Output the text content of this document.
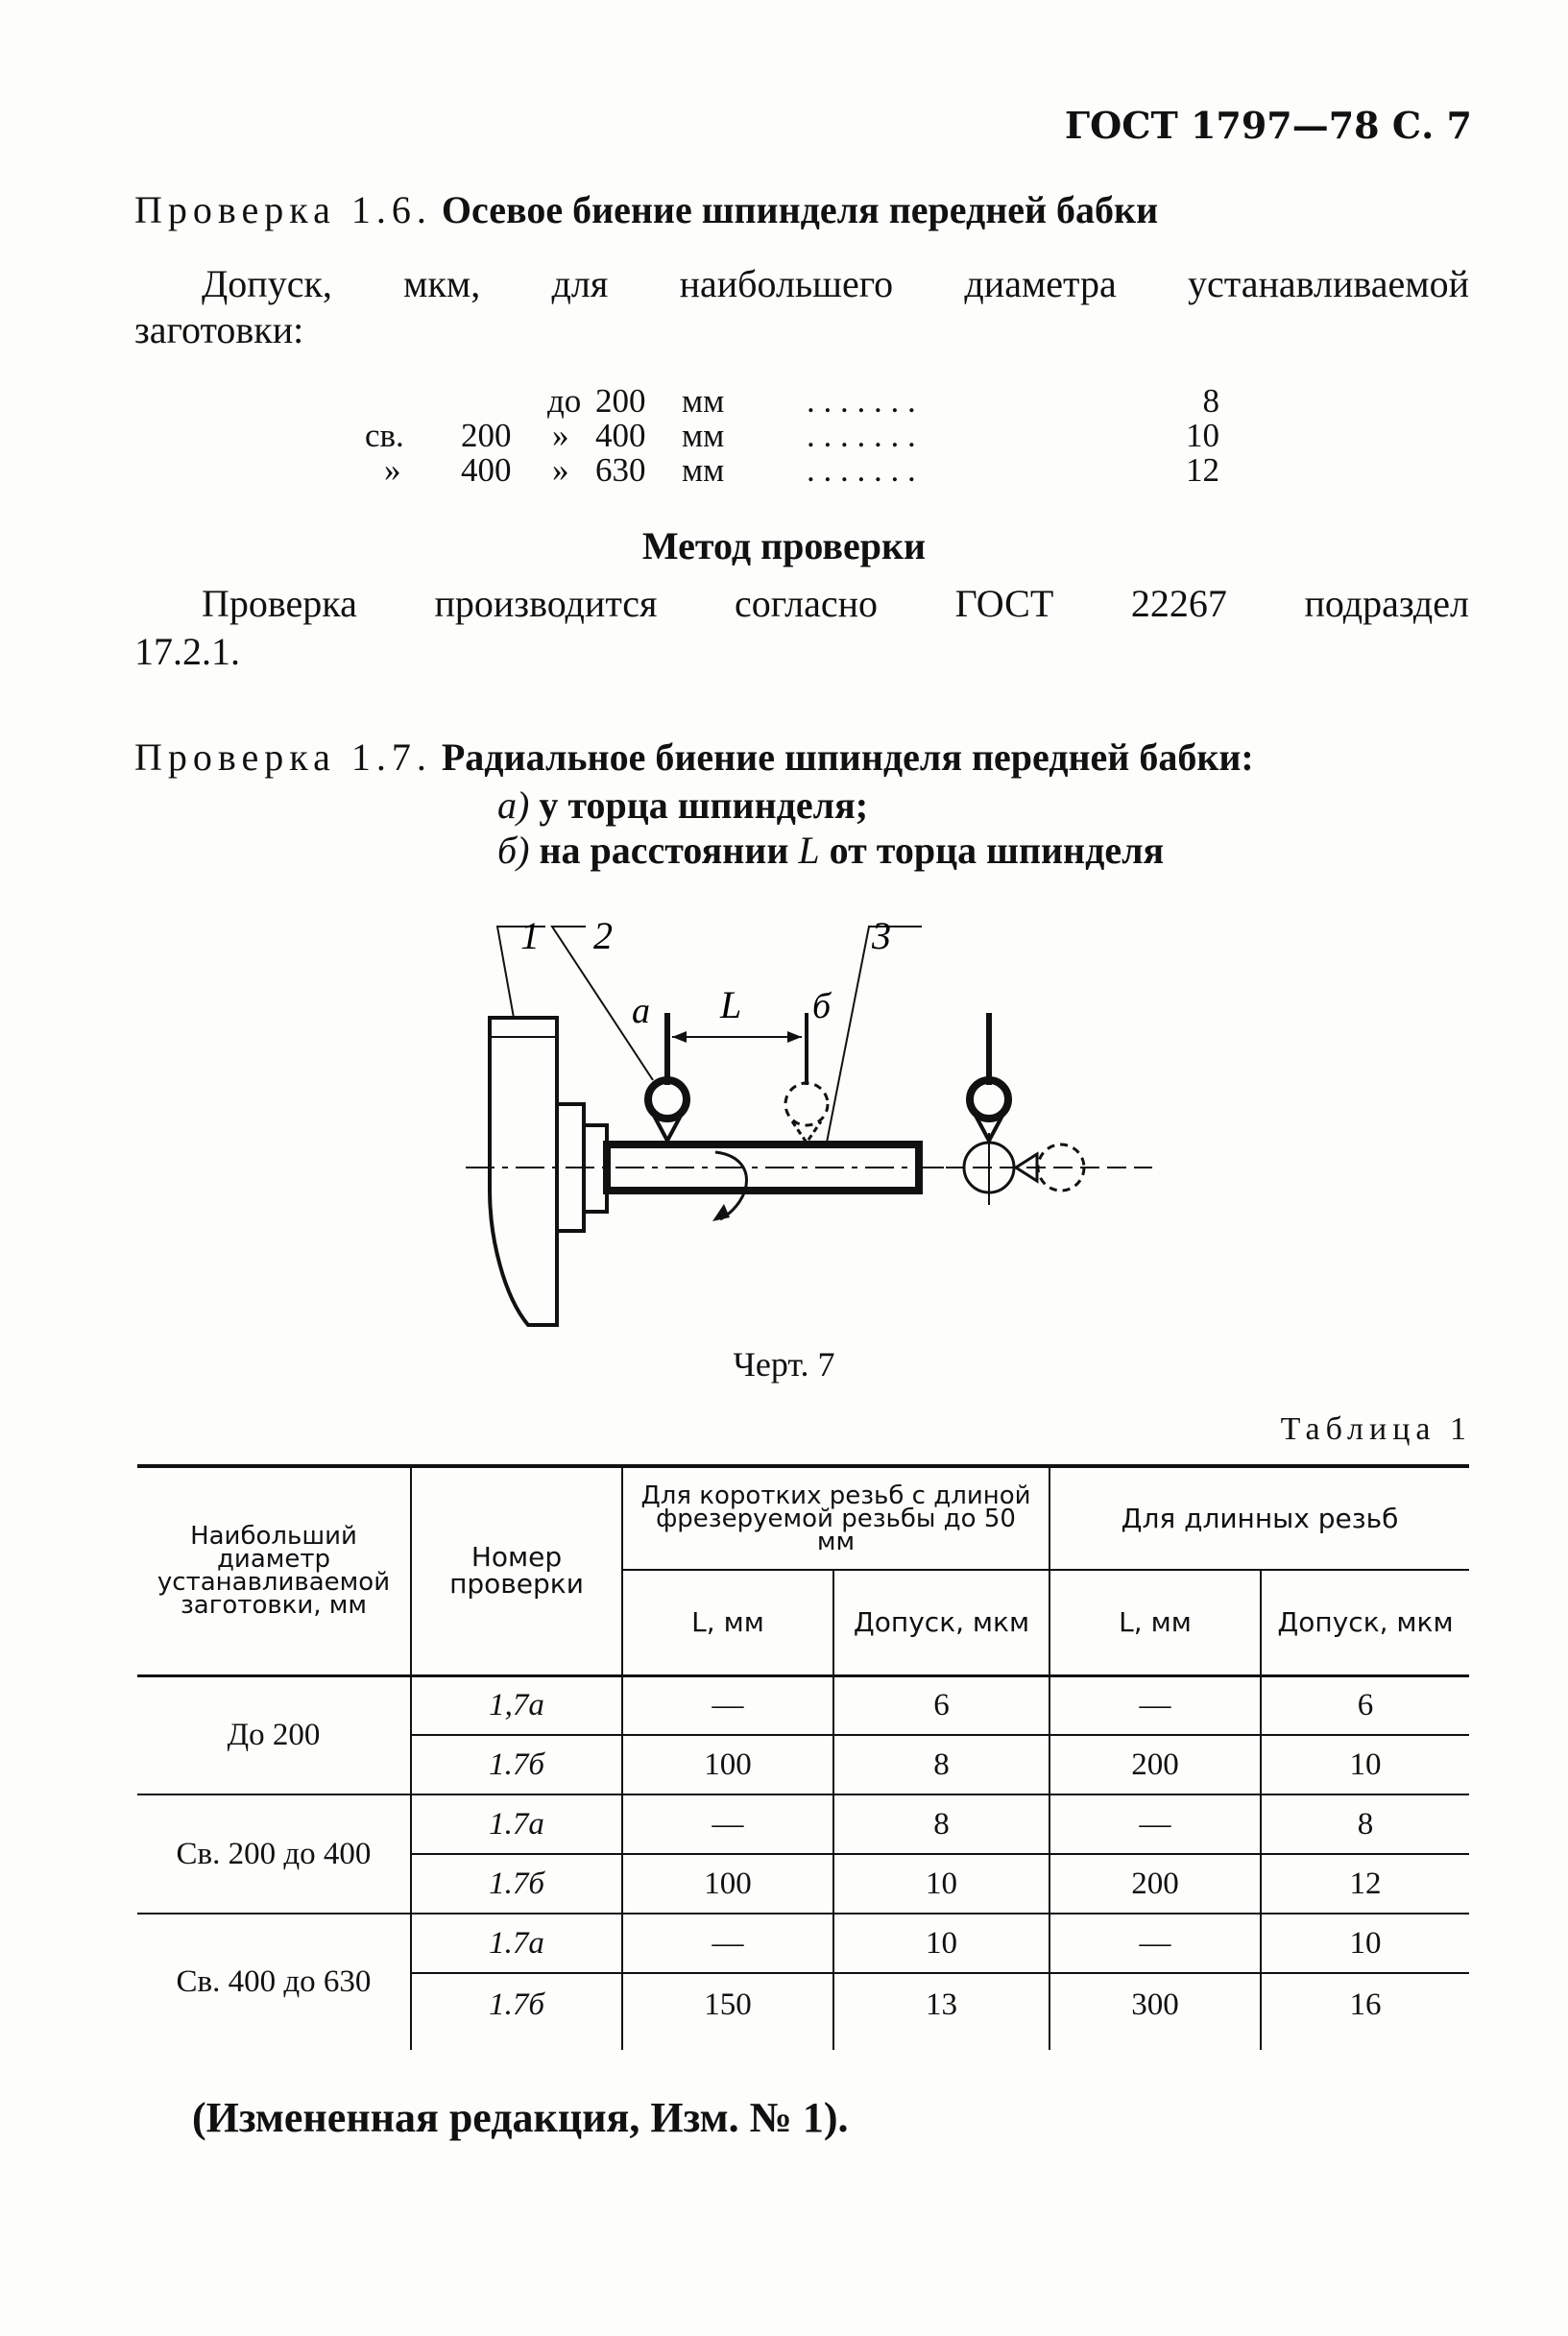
ГОСТ 1797—78 С. 7
Проверка 1.6. Осевое биение шпинделя передней бабки
Допуск, мкм, для наибольшего диаметра устанавливаемой
заготовки:
до 200 мм . . . . . . .	8
св. 200 » 400 мм . . . . . . .	10
» 400 » 630 мм . . . . . . .	12
Метод проверки
Проверка производится согласно ГОСТ 22267 подраздел
17.2.1.
Проверка 1.7. Радиальное биение шпинделя передней бабки:
а) у торца шпинделя;
б) на расстоянии L от торца шпинделя
1 2	3
а L б
Черт. 7
Таблица 1
Наибольший диаметр устанавливаемой заготовки, мм	Номер проверки	Для коротких резьб с длиной фрезеруемой резьбы до 50 мм		Для длинных резьб	
		L, мм	Допуск, мкм	L, мм	Допуск, мкм
До 200	1,7а	—	6	—	6
	1.7б	100	8	200	10
Св. 200 до 400	1.7а	—	8	—	8
	1.7б	100	10	200	12
Св. 400 до 630	1.7а	—	10	—	10
	1.7б	150	13	300	16
(Измененная редакция, Изм. № 1).
